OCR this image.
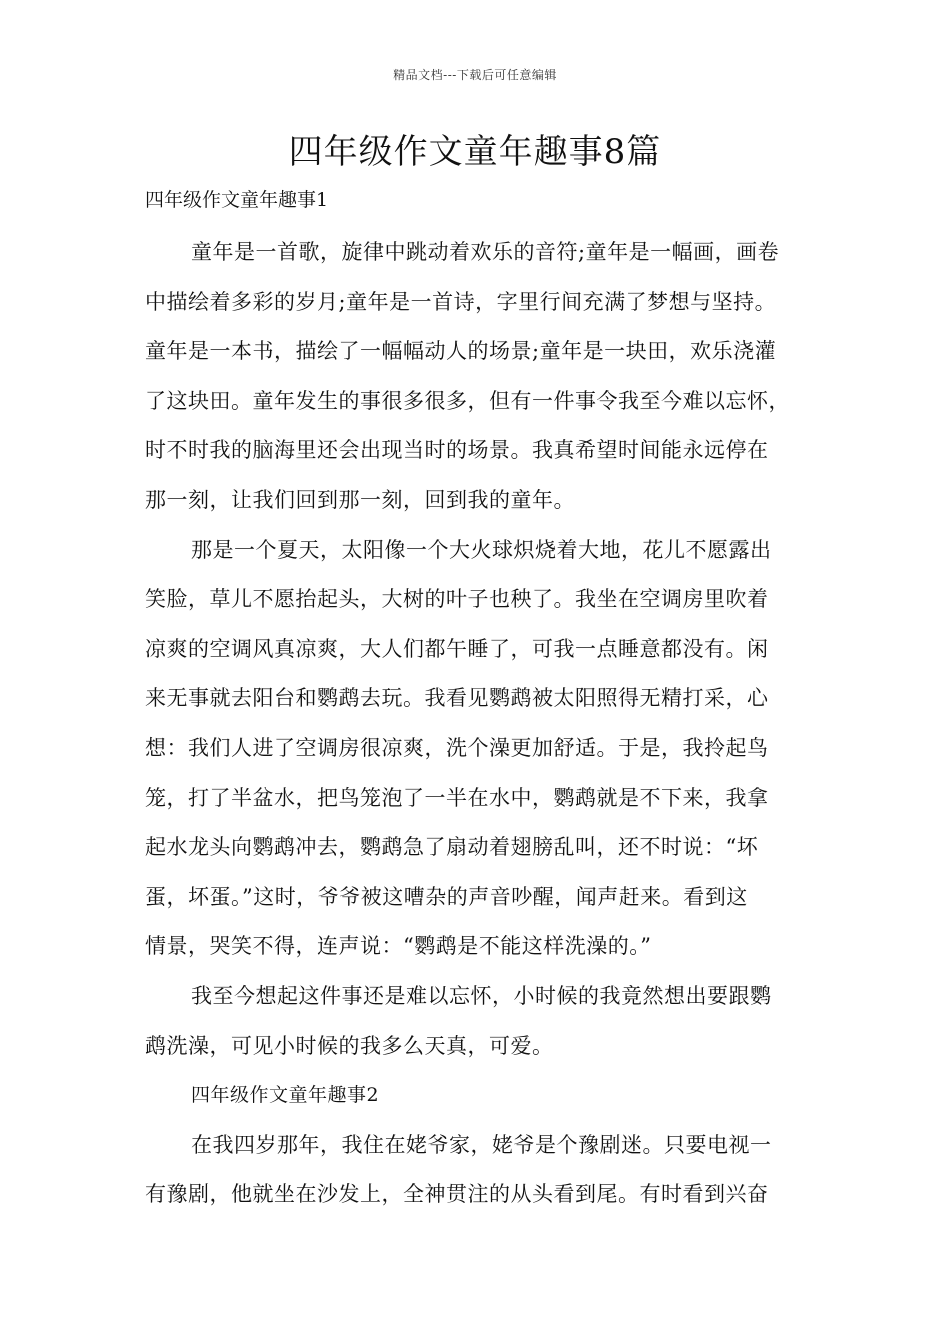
精品文档---下载后可任意编辑
四年级作文童年趣事8篇
四年级作文童年趣事1
童年是一首歌，旋律中跳动着欢乐的音符;童年是一幅画，画卷
中描绘着多彩的岁月;童年是一首诗，字里行间充满了梦想与坚持。
童年是一本书，描绘了一幅幅动人的场景;童年是一块田，欢乐浇灌
了这块田。童年发生的事很多很多，但有一件事令我至今难以忘怀，
时不时我的脑海里还会出现当时的场景。我真希望时间能永远停在
那一刻，让我们回到那一刻，回到我的童年。
那是一个夏天，太阳像一个大火球炽烧着大地，花儿不愿露出
笑脸，草儿不愿抬起头，大树的叶子也秧了。我坐在空调房里吹着
凉爽的空调风真凉爽，大人们都午睡了，可我一点睡意都没有。闲
来无事就去阳台和鹦鹉去玩。我看见鹦鹉被太阳照得无精打采，心
想：我们人进了空调房很凉爽，洗个澡更加舒适。于是，我拎起鸟
笼，打了半盆水，把鸟笼泡了一半在水中，鹦鹉就是不下来，我拿
起水龙头向鹦鹉冲去，鹦鹉急了扇动着翅膀乱叫，还不时说：“坏
蛋，坏蛋。”这时，爷爷被这嘈杂的声音吵醒，闻声赶来。看到这
情景，哭笑不得，连声说：“鹦鹉是不能这样洗澡的。”
我至今想起这件事还是难以忘怀，小时候的我竟然想出要跟鹦
鹉洗澡，可见小时候的我多么天真，可爱。
四年级作文童年趣事2
在我四岁那年，我住在姥爷家，姥爷是个豫剧迷。只要电视一
有豫剧，他就坐在沙发上，全神贯注的从头看到尾。有时看到兴奋
